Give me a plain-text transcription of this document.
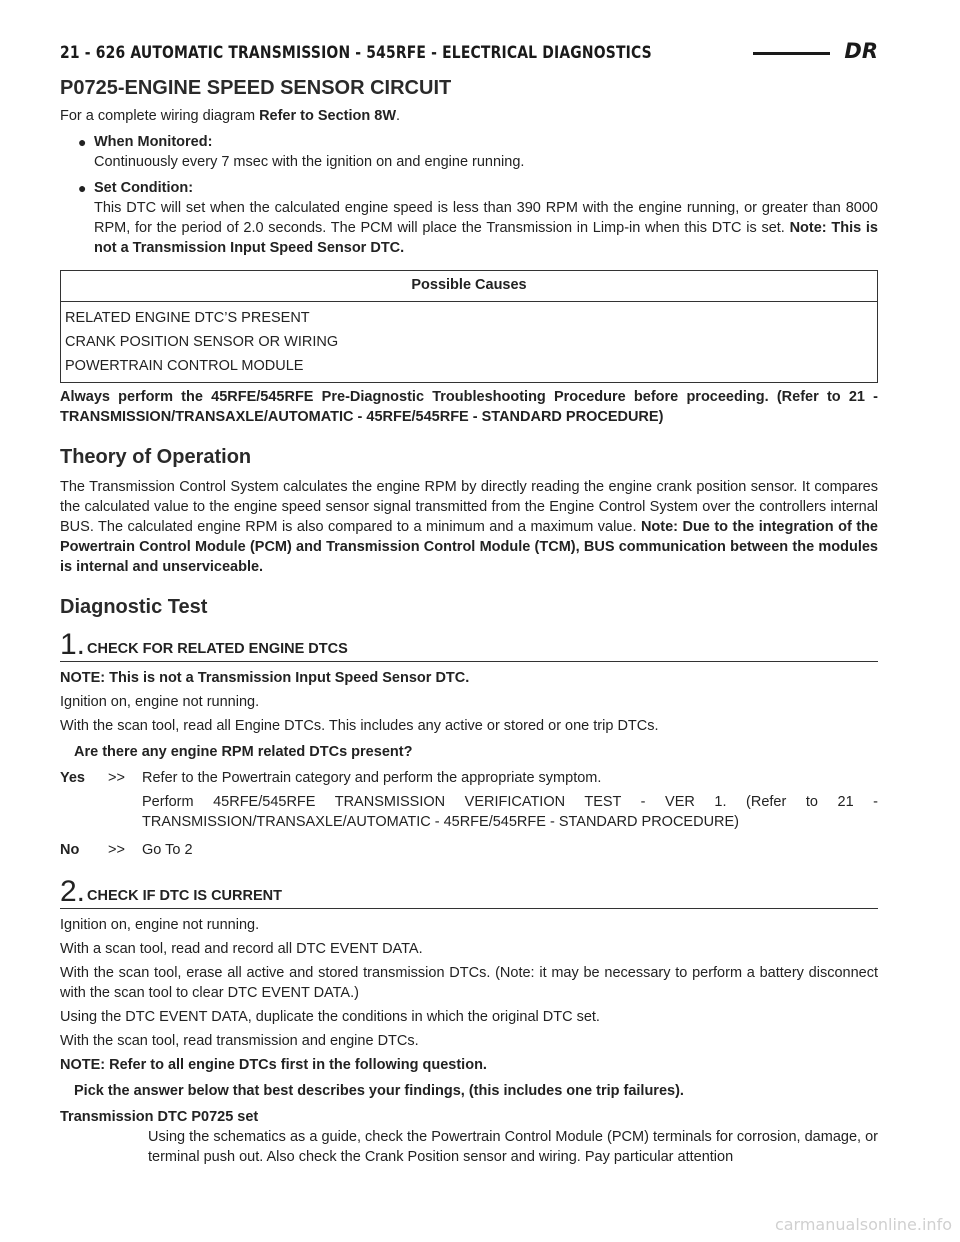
21 - 626 AUTOMATIC TRANSMISSION - 545RFE - ELECTRICAL DIAGNOSTICS	DR
P0725-ENGINE SPEED SENSOR CIRCUIT

For a complete wiring diagram Refer to Section 8W.

● When Monitored:
Continuously every 7 msec with the ignition on and engine running.
● Set Condition:
This DTC will set when the calculated engine speed is less than 390 RPM with the engine running, or greater than 8000 RPM, for the period of 2.0 seconds. The PCM will place the Transmission in Limp-in when this DTC is set. Note: This is not a Transmission Input Speed Sensor DTC.
Possible Causes
RELATED ENGINE DTC’S PRESENT
CRANK POSITION SENSOR OR WIRING
POWERTRAIN CONTROL MODULE

Always perform the 45RFE/545RFE Pre-Diagnostic Troubleshooting Procedure before proceeding. (Refer to 21 - TRANSMISSION/TRANSAXLE/AUTOMATIC - 45RFE/545RFE - STANDARD PROCEDURE)

Theory of Operation

The Transmission Control System calculates the engine RPM by directly reading the engine crank position sensor. It compares the calculated value to the engine speed sensor signal transmitted from the Engine Control System over the controllers internal BUS. The calculated engine RPM is also compared to a minimum and a maximum value. Note: Due to the integration of the Powertrain Control Module (PCM) and Transmission Control Module (TCM), BUS communication between the modules is internal and unserviceable.

Diagnostic Test
1. CHECK FOR RELATED ENGINE DTCS

NOTE: This is not a Transmission Input Speed Sensor DTC.

Ignition on, engine not running.

With the scan tool, read all Engine DTCs. This includes any active or stored or one trip DTCs.

Are there any engine RPM related DTCs present?
Yes	>>	Refer to the Powertrain category and perform the appropriate symptom.
Perform 45RFE/545RFE TRANSMISSION VERIFICATION TEST - VER 1. (Refer to 21 - TRANSMISSION/TRANSAXLE/AUTOMATIC - 45RFE/545RFE - STANDARD PROCEDURE)
No	>>	Go To 2
2. CHECK IF DTC IS CURRENT

Ignition on, engine not running.

With a scan tool, read and record all DTC EVENT DATA.

With the scan tool, erase all active and stored transmission DTCs. (Note: it may be necessary to perform a battery disconnect with the scan tool to clear DTC EVENT DATA.)

Using the DTC EVENT DATA, duplicate the conditions in which the original DTC set.

With the scan tool, read transmission and engine DTCs.

NOTE: Refer to all engine DTCs first in the following question.

Pick the answer below that best describes your findings, (this includes one trip failures).
Transmission DTC P0725 set
Using the schematics as a guide, check the Powertrain Control Module (PCM) terminals for corrosion, damage, or terminal push out. Also check the Crank Position sensor and wiring. Pay particular attention
carmanualsonline.info
